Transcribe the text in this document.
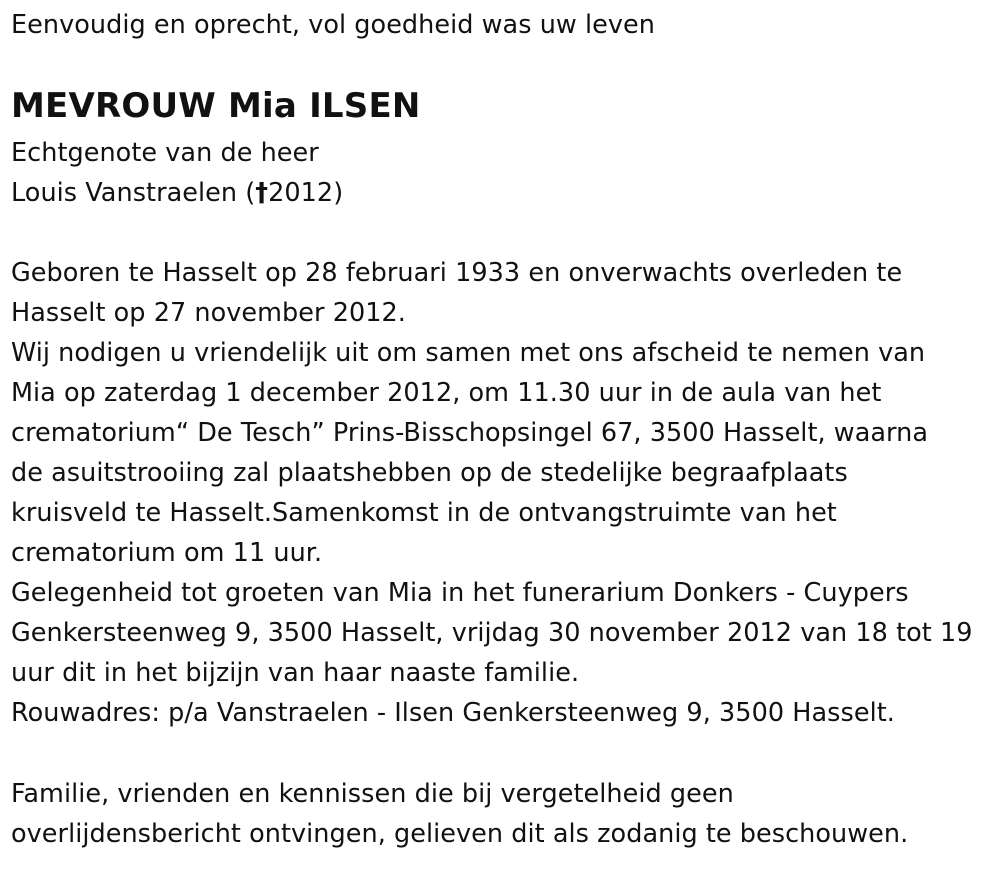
Eenvoudig en oprecht, vol goedheid was uw leven

MEVROUW Mia ILSEN

Echtgenote van de heer

Louis Vanstraelen (†2012)

Geboren te Hasselt op 28 februari 1933 en onverwachts overleden te

Hasselt op 27 november 2012.

Wij nodigen u vriendelijk uit om samen met ons afscheid te nemen van

Mia op zaterdag 1 december 2012, om 11.30 uur in de aula van het

crematorium“ De Tesch” Prins-Bisschopsingel 67, 3500 Hasselt, waarna

de asuitstrooiing zal plaatshebben op de stedelijke begraafplaats

kruisveld te Hasselt.Samenkomst in de ontvangstruimte van het

crematorium om 11 uur.

Gelegenheid tot groeten van Mia in het funerarium Donkers - Cuypers

Genkersteenweg 9, 3500 Hasselt, vrijdag 30 november 2012 van 18 tot 19

uur dit in het bijzijn van haar naaste familie.

Rouwadres: p/a Vanstraelen - Ilsen Genkersteenweg 9, 3500 Hasselt.

Familie, vrienden en kennissen die bij vergetelheid geen

overlijdensbericht ontvingen, gelieven dit als zodanig te beschouwen.
